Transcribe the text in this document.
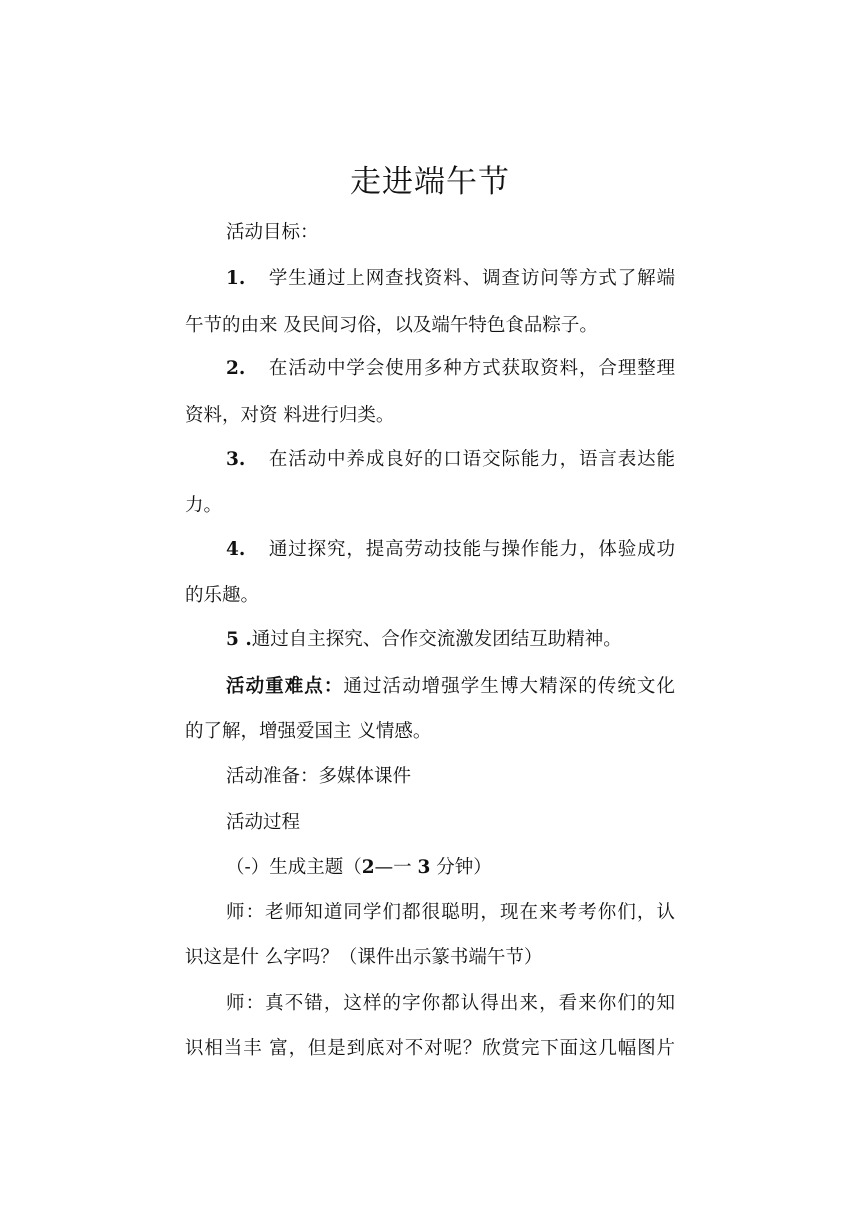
走进端午节
活动目标：
1. 学生通过上网查找资料、调查访问等方式了解端
午节的由来 及民间习俗，以及端午特色食品粽子。
2. 在活动中学会使用多种方式获取资料，合理整理
资料，对资 料进行归类。
3. 在活动中养成良好的口语交际能力，语言表达能
力。
4. 通过探究，提高劳动技能与操作能力，体验成功
的乐趣。
5 .通过自主探究、合作交流激发团结互助精神。
活动重难点：通过活动增强学生博大精深的传统文化
的了解，增强爱国主 义情感。
活动准备：多媒体课件
活动过程
（-）生成主题（2—一 3 分钟）
师：老师知道同学们都很聪明，现在来考考你们，认
识这是什 么字吗？（课件出示篆书端午节）
师：真不错，这样的字你都认得出来，看来你们的知
识相当丰 富，但是到底对不对呢？欣赏完下面这几幅图片
